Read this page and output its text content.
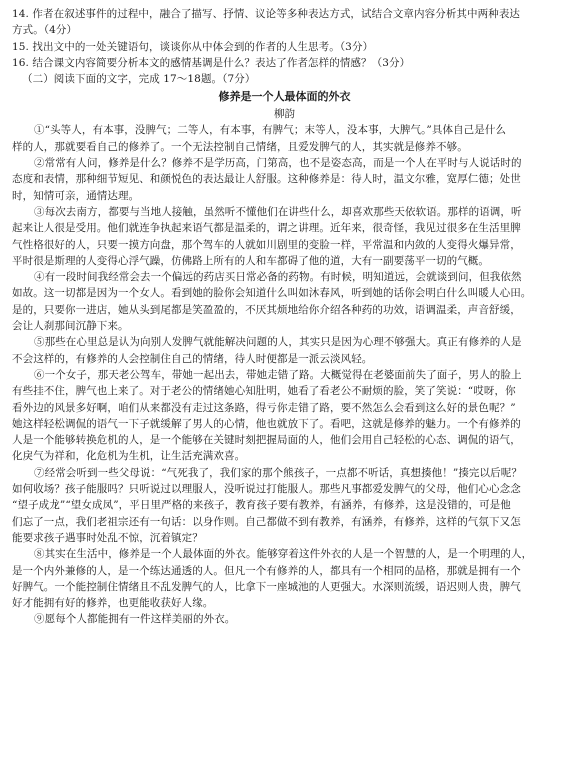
14. 作者在叙述事件的过程中，融合了描写、抒情、议论等多种表达方式，试结合文章内容分析其中两种表达
方式。（4分）
15. 找出文中的一处关键语句，谈谈你从中体会到的作者的人生思考。（3分）
16. 结合课文内容简要分析本文的感情基调是什么？表达了作者怎样的情感？（3分）
（二）阅读下面的文字，完成 17～18题。（7分）
修养是一个人最体面的外衣
柳韵
①“头等人，有本事，没脾气；二等人，有本事，有脾气；末等人，没本事，大脾气。”具体自己是什么
样的人，那就要看自己的修养了。一个无法控制自己情绪，且爱发脾气的人，其实就是修养不够。
②常常有人问，修养是什么？修养不是学历高，门第高，也不是姿态高，而是一个人在平时与人说话时的
态度和表情，那种细节短见、和颜悦色的表达最让人舒服。这种修养是：待人时，温文尔雅，宽厚仁德；处世
时，知情可亲，通情达理。
③每次去南方，都要与当地人接触，虽然听不懂他们在讲些什么，却喜欢那些天依软语。那样的语调，听
起来让人很是受用。他们就连争执起来语气都是温柔的，谓之讲理。近年来，很奇怪，我见过很多在生活里脾
气性格很好的人，只要一摸方向盘，那个驾车的人就如川剧里的变脸一样，平常温和内敛的人变得火爆异常，
平时很是斯理的人变得心浮气躁，仿佛路上所有的人和车都碍了他的道，大有一副要荡平一切的气概。
④有一段时间我经常会去一个偏远的药店买日常必备的药物。有时候，明知道远，会就谈到问，但我依然
如故。这一切都是因为一个女人。看到她的脸你会知道什么叫如沐春风，听到她的话你会明白什么叫暖人心田。
是的，只要你一进店，她从头到尾都是笑盈盈的，不厌其烦地给你介绍各种药的功效，语调温柔，声音舒缓，
会让人刹那间沉静下来。
⑤那些在心里总是认为向别人发脾气就能解决问题的人，其实只是因为心理不够强大。真正有修养的人是
不会这样的，有修养的人会控制住自己的情绪，待人时便都是一派云淡风轻。
⑥一个女子，那天老公驾车，带她一起出去，带她走错了路。大概觉得在老婆面前失了面子，男人的脸上
有些挂不住，脾气也上来了。对于老公的情绪她心知肚明，她看了看老公不耐烦的脸，笑了笑说：“哎呀，你
看外边的风景多好啊，咱们从来都没有走过这条路，得亏你走错了路，要不然怎么会看到这么好的景色呢？”
她这样轻松调侃的语气一下子就缓解了男人的心情，他也就放下了。看吧，这就是修养的魅力。一个有修养的
人是一个能够转换危机的人，是一个能够在关键时刻把握局面的人，他们会用自己轻松的心态、调侃的语气，
化戾气为祥和，化危机为生机，让生活充满欢喜。
⑦经常会听到一些父母说：“气死我了，我们家的那个熊孩子，一点都不听话，真想揍他！”揍完以后呢？
如何收场？孩子能服吗？只听说过以理服人，没听说过打能服人。那些凡事都爱发脾气的父母，他们心心念念
“望子成龙”“望女成凤”，平日里严格的来孩子，教育孩子要有教养，有涵养，有修养，这是没错的，可是他
们忘了一点，我们老祖宗还有一句话：以身作则。自己都做不到有教养，有涵养，有修养，这样的气氛下又怎
能要求孩子遇事时处乱不惊，沉着镇定？
⑧其实在生活中，修养是一个人最体面的外衣。能够穿着这件外衣的人是一个智慧的人，是一个明理的人，
是一个内外兼修的人，是一个练达通透的人。但凡一个有修养的人，都具有一个相同的品格，那就是拥有一个
好脾气。一个能控制住情绪且不乱发脾气的人，比拿下一座城池的人更强大。水深则流缓，语迟则人贵，脾气
好才能拥有好的修养，也更能收获好人缘。
⑨愿每个人都能拥有一件这样美丽的外衣。
